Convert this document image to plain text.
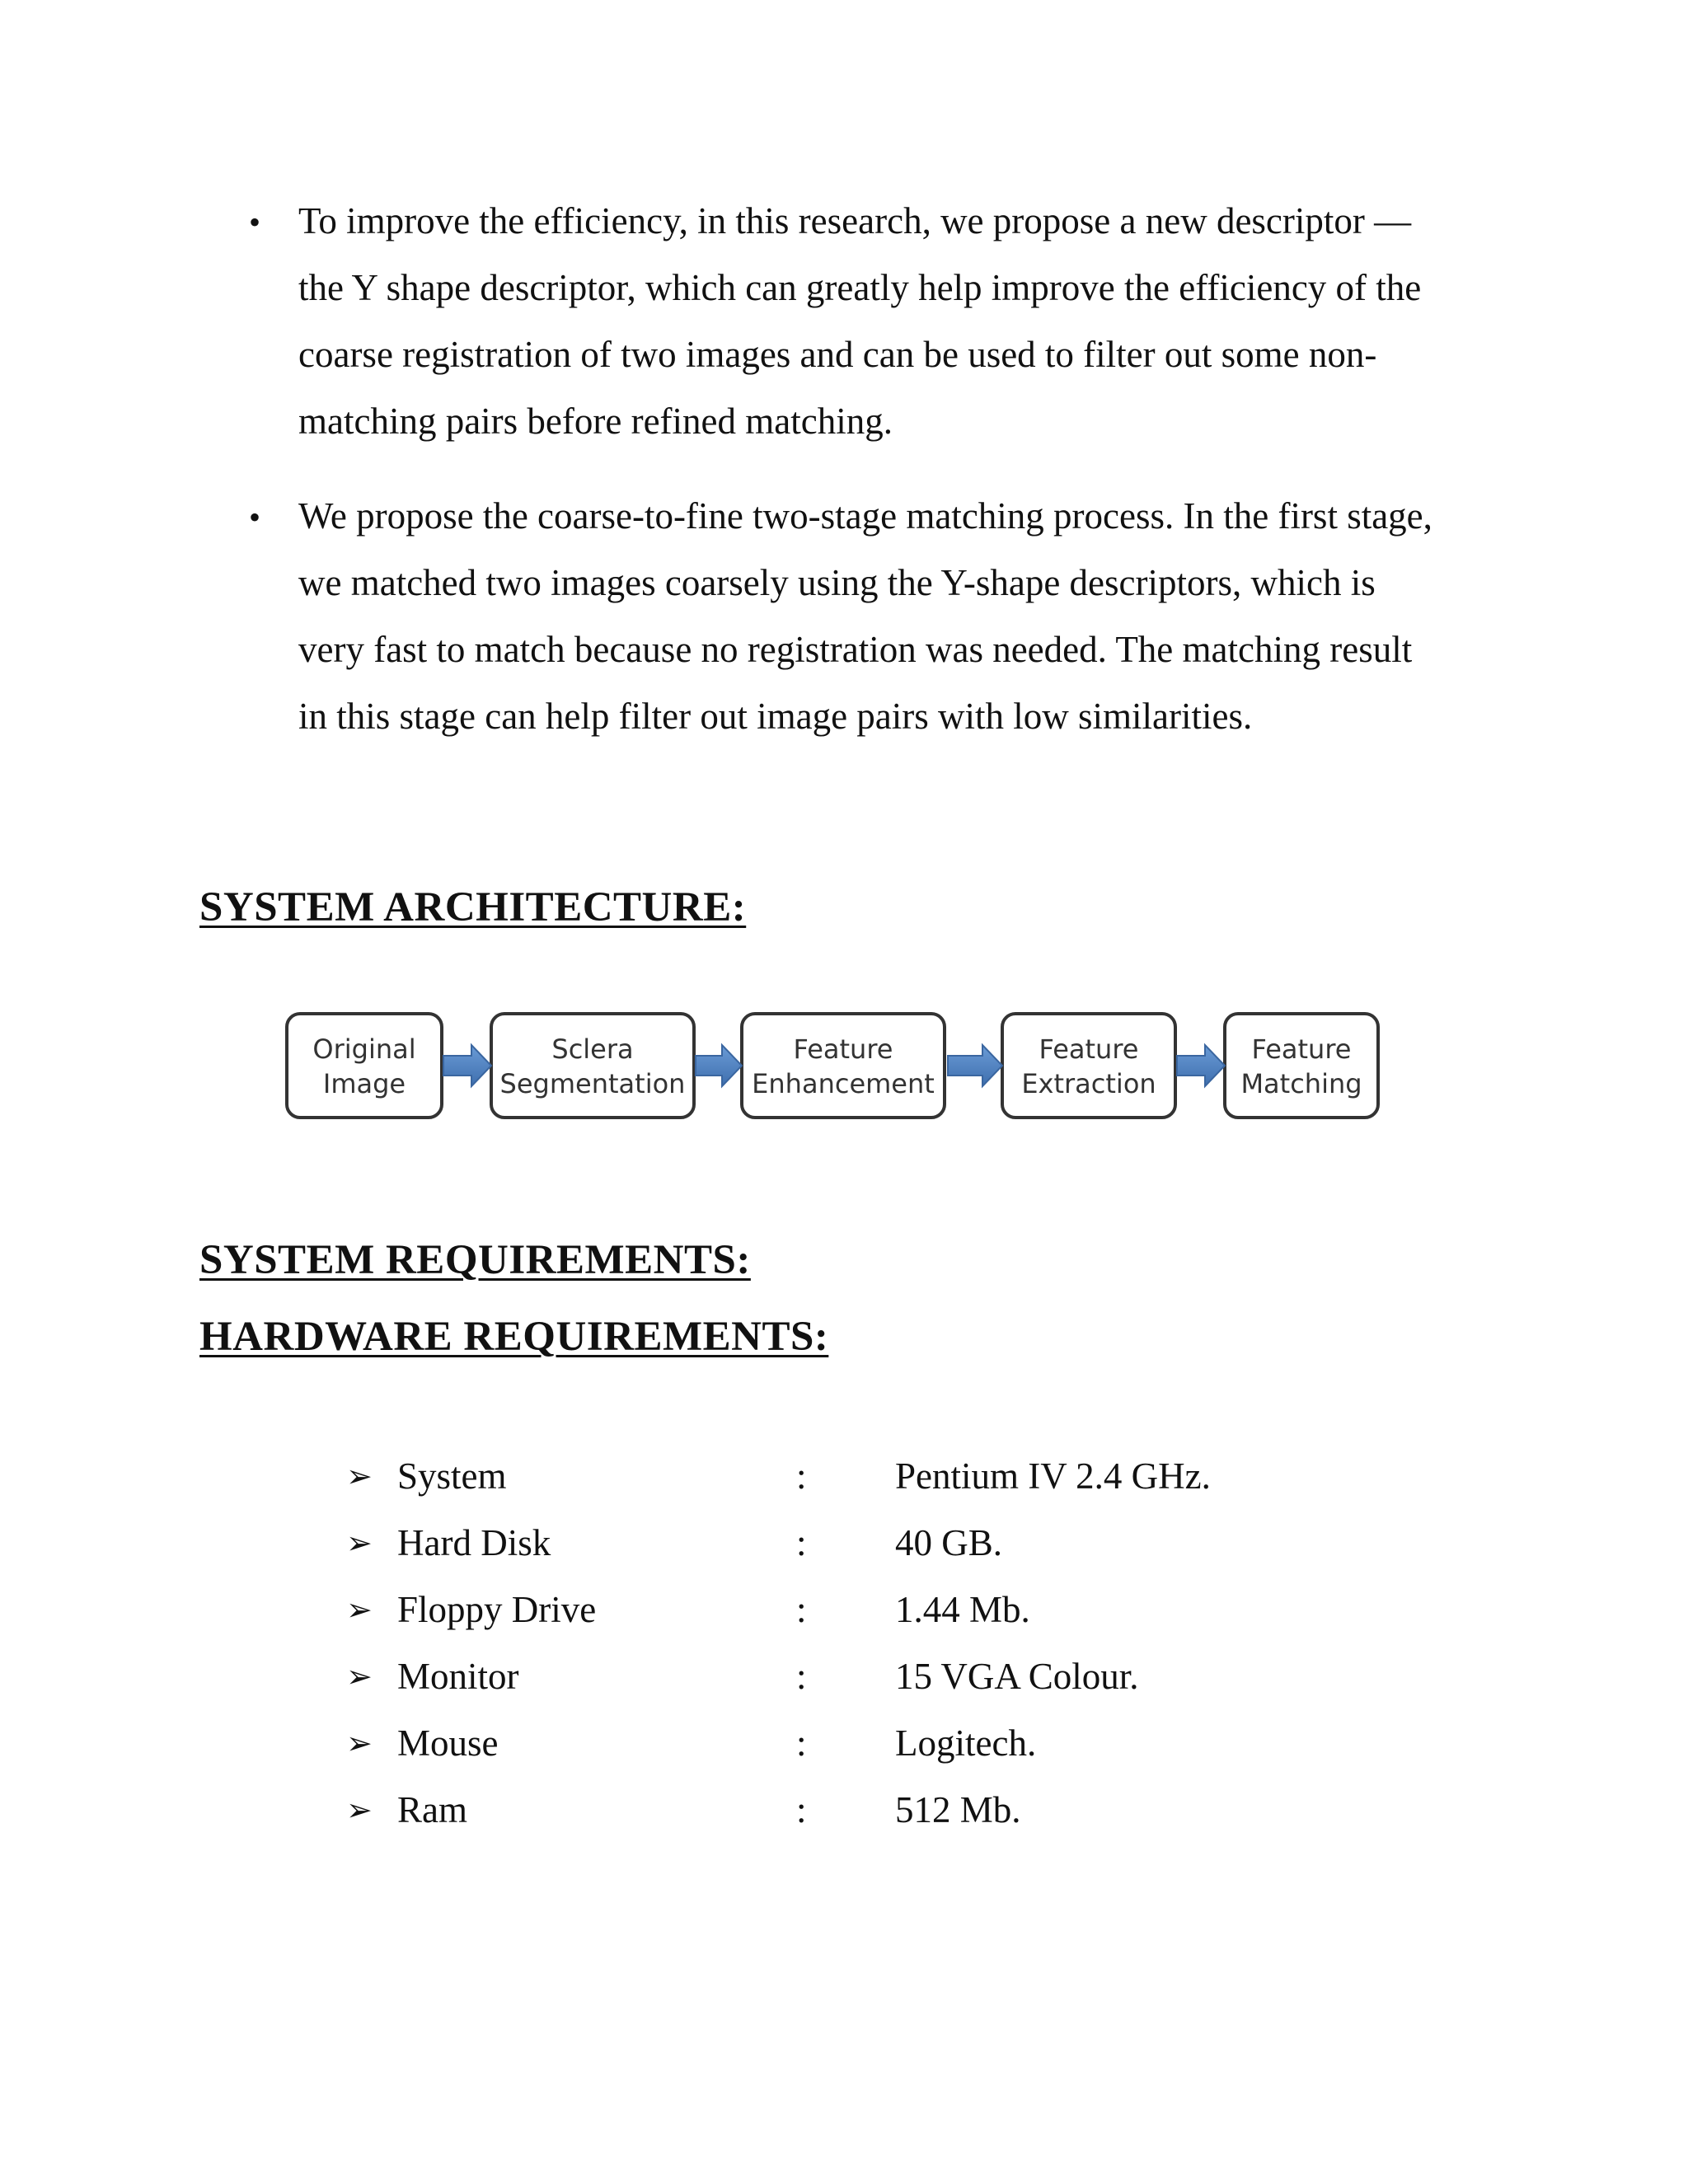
• To improve the efficiency, in this research, we propose a new descriptor —
the Y shape descriptor, which can greatly help improve the efficiency of the
coarse registration of two images and can be used to filter out some non-
matching pairs before refined matching.
• We propose the coarse-to-fine two-stage matching process. In the first stage,
we matched two images coarsely using the Y-shape descriptors, which is
very fast to match because no registration was needed. The matching result
in this stage can help filter out image pairs with low similarities.
SYSTEM ARCHITECTURE:
Original
Image
Sclera
Segmentation
Feature
Enhancement
Feature
Extraction
Feature
Matching
SYSTEM REQUIREMENTS:
HARDWARE REQUIREMENTS:
➢ System	: Pentium IV 2.4 GHz.
➢ Hard Disk	: 40 GB.
➢ Floppy Drive	: 1.44 Mb.
➢ Monitor	: 15 VGA Colour.
➢ Mouse	: Logitech.
➢ Ram	: 512 Mb.
